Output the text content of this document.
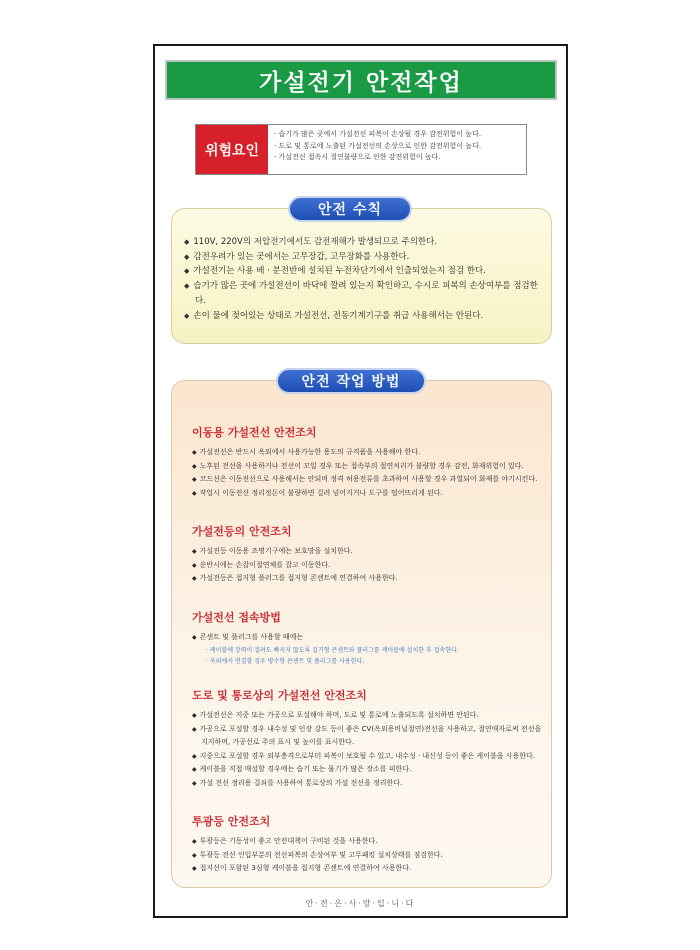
가설전기 안전작업
위험요인
· 습기가 많은 곳에서 가설전선 피복이 손상될 경우 감전위험이 높다.
· 도로 및 통로에 노출된 가설전선의 손상으로 인한 감전위험이 높다.
· 가설전선 접속시 절연불량으로 인한 감전위험이 높다.
◆ 110V, 220V의 저압전기에서도 감전재해가 발생되므로 주의한다.
◆ 감전우려가 있는 곳에서는 고무장갑, 고무장화를 사용한다.
◆ 가설전기는 사용 배 · 분전반에 설치된 누전차단기에서 인출되었는지 점검 한다.
◆ 습기가 많은 곳에 가설전선이 바닥에 깔려 있는지 확인하고, 수시로 피복의 손상여부를 점검한다.
◆ 손이 물에 젖어있는 상태로 가설전선, 전동기계기구를 취급 사용해서는 안된다.
안전 수칙
이동용 가설전선 안전조치
◆ 가설전선은 반드시 옥외에서 사용가능한 용도의 규격품을 사용해야 한다.
◆ 노후된 전선을 사용하거나 전선이 꼬일 경우 또는 접속부의 절연처리가 불량할 경우 감전, 화재위험이 있다.
◆ 코드선은 이동전선으로 사용해서는 안되며 정격 허용전류를 초과하여 사용할 경우 과열되어 화재를 야기시킨다.
◆ 작업시 이동전선 정리정돈이 불량하면 걸려 넘어지거나 도구를 떨어뜨리게 된다.
가설전등의 안전조치
◆ 가설전등 이동용 조명기구에는 보호망을 설치한다.
◆ 운반시에는 손잡이절연체를 잡고 이동한다.
◆ 가설전등은 접지형 플러그를 접지형 콘센트에 연결하여 사용한다.
가설전선 접속방법
◆ 콘센트 및 플러그를 사용할 때에는
· 케이블에 장력이 걸려도 빠지지 않도록 걸기형 콘센트와 플러그를 케이블에 설치한 후 접속한다.
· 옥외에서 연결할 경우 방수형 콘센트 및 플러그를 사용한다.
도로 및 통로상의 가설전선 안전조치
◆ 가설전선은 지중 또는 가공으로 포설해야 하며, 도로 및 통로에 노출되도록 설치하면 안된다.
◆ 가공으로 포설할 경우 내수성 및 인장 강도 등이 좋은 CV(옥외용비닐절연)전선을 사용하고, 절연애자로써 전선을 지지하며, 가공선로 주의 표시 및 높이를 표시한다.
◆ 지중으로 포설할 경우 외부충격으로부터 피복이 보호될 수 있고, 내수성 · 내신성 등이 좋은 케이블을 사용한다.
◆ 케이블을 직접 매설할 경우에는 습기 또는 물기가 많은 장소를 피한다.
◆ 가설 전선 정리용 걸쇠를 사용하여 통로상의 가설 전선을 정리한다.
투광등 안전조치
◆ 투광등은 기동성이 좋고 안전대책이 구비된 것을 사용한다.
◆ 투광등 전선 인입부분의 전선피복의 손상여부 및 고무패킹 설치상태를 점검한다.
◆ 접지선이 포함된 3심형 케이블을 접지형 콘센트에 연결하여 사용한다.
안전 작업 방법
안·전·은·사·랑·입·니·다
